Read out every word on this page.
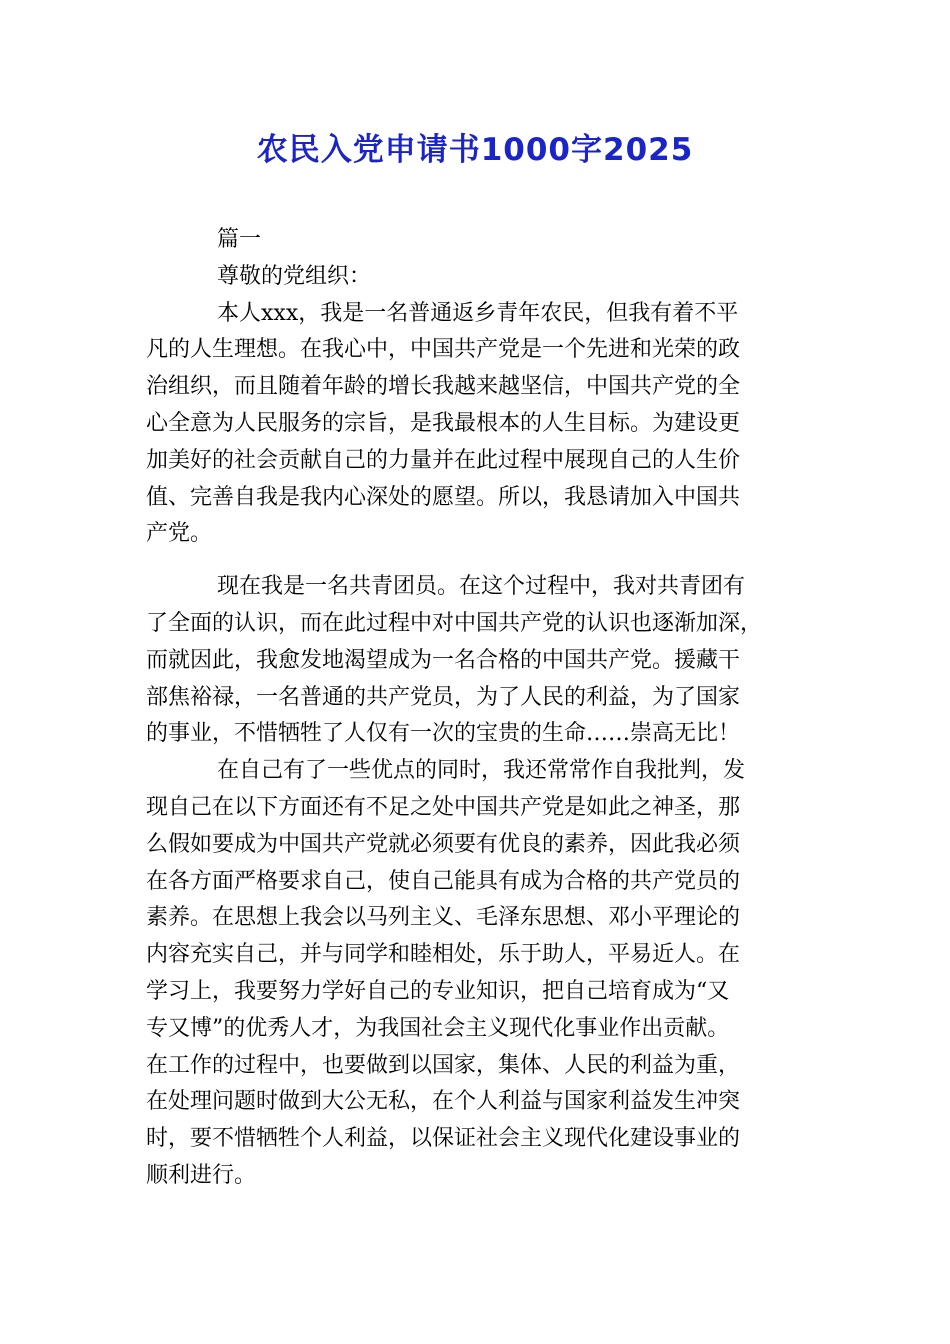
农民入党申请书1000字2025
篇一
尊敬的党组织：
本人xxx，我是一名普通返乡青年农民，但我有着不平
凡的人生理想。在我心中，中国共产党是一个先进和光荣的政
治组织，而且随着年龄的增长我越来越坚信，中国共产党的全
心全意为人民服务的宗旨，是我最根本的人生目标。为建设更
加美好的社会贡献自己的力量并在此过程中展现自己的人生价
值、完善自我是我内心深处的愿望。所以，我恳请加入中国共
产党。
现在我是一名共青团员。在这个过程中，我对共青团有
了全面的认识，而在此过程中对中国共产党的认识也逐渐加深，
而就因此，我愈发地渴望成为一名合格的中国共产党。援藏干
部焦裕禄，一名普通的共产党员，为了人民的利益，为了国家
的事业，不惜牺牲了人仅有一次的宝贵的生命……崇高无比！
在自己有了一些优点的同时，我还常常作自我批判，发
现自己在以下方面还有不足之处中国共产党是如此之神圣，那
么假如要成为中国共产党就必须要有优良的素养，因此我必须
在各方面严格要求自己，使自己能具有成为合格的共产党员的
素养。在思想上我会以马列主义、毛泽东思想、邓小平理论的
内容充实自己，并与同学和睦相处，乐于助人，平易近人。在
学习上，我要努力学好自己的专业知识，把自己培育成为“又
专又博”的优秀人才，为我国社会主义现代化事业作出贡献。
在工作的过程中，也要做到以国家，集体、人民的利益为重，
在处理问题时做到大公无私，在个人利益与国家利益发生冲突
时，要不惜牺牲个人利益，以保证社会主义现代化建设事业的
顺利进行。
